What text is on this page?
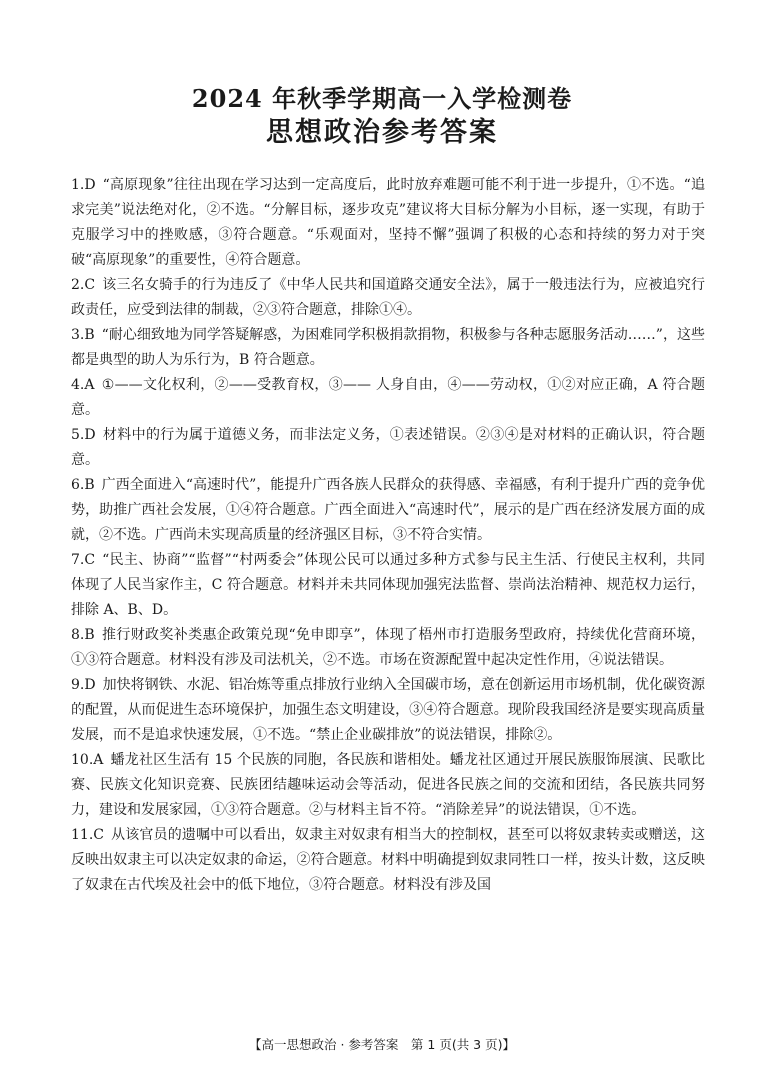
2024 年秋季学期高一入学检测卷
思想政治参考答案
1.D  “高原现象”往往出现在学习达到一定高度后，此时放弃难题可能不利于进一步提升，①不选。“追求完美”说法绝对化，②不选。“分解目标，逐步攻克”建议将大目标分解为小目标，逐一实现，有助于克服学习中的挫败感，③符合题意。“乐观面对，坚持不懈”强调了积极的心态和持续的努力对于突破“高原现象”的重要性，④符合题意。
2.C  该三名女骑手的行为违反了《中华人民共和国道路交通安全法》，属于一般违法行为，应被追究行政责任，应受到法律的制裁，②③符合题意，排除①④。
3.B  “耐心细致地为同学答疑解惑，为困难同学积极捐款捐物，积极参与各种志愿服务活动……”，这些都是典型的助人为乐行为，B 符合题意。
4.A  ①——文化权利，②——受教育权，③—— 人身自由，④——劳动权，①②对应正确，A 符合题意。
5.D  材料中的行为属于道德义务，而非法定义务，①表述错误。②③④是对材料的正确认识，符合题意。
6.B  广西全面进入“高速时代”，能提升广西各族人民群众的获得感、幸福感，有利于提升广西的竞争优势，助推广西社会发展，①④符合题意。广西全面进入“高速时代”，展示的是广西在经济发展方面的成就，②不选。广西尚未实现高质量的经济强区目标，③不符合实情。
7.C  “民主、协商”“监督”“村两委会”体现公民可以通过多种方式参与民主生活、行使民主权利，共同体现了人民当家作主，C 符合题意。材料并未共同体现加强宪法监督、崇尚法治精神、规范权力运行，排除 A、B、D。
8.B  推行财政奖补类惠企政策兑现“免申即享”，体现了梧州市打造服务型政府，持续优化营商环境，①③符合题意。材料没有涉及司法机关，②不选。市场在资源配置中起决定性作用，④说法错误。
9.D  加快将钢铁、水泥、铝冶炼等重点排放行业纳入全国碳市场，意在创新运用市场机制，优化碳资源的配置，从而促进生态环境保护，加强生态文明建设，③④符合题意。现阶段我国经济是要实现高质量发展，而不是追求快速发展，①不选。“禁止企业碳排放”的说法错误，排除②。
10.A  蟠龙社区生活有 15 个民族的同胞，各民族和谐相处。蟠龙社区通过开展民族服饰展演、民歌比赛、民族文化知识竞赛、民族团结趣味运动会等活动，促进各民族之间的交流和团结，各民族共同努力，建设和发展家园，①③符合题意。②与材料主旨不符。“消除差异”的说法错误，①不选。
11.C  从该官员的遗嘱中可以看出，奴隶主对奴隶有相当大的控制权，甚至可以将奴隶转卖或赠送，这反映出奴隶主可以决定奴隶的命运，②符合题意。材料中明确提到奴隶同牲口一样，按头计数，这反映了奴隶在古代埃及社会中的低下地位，③符合题意。材料没有涉及国
【高一思想政治 · 参考答案　第 1 页(共 3 页)】
